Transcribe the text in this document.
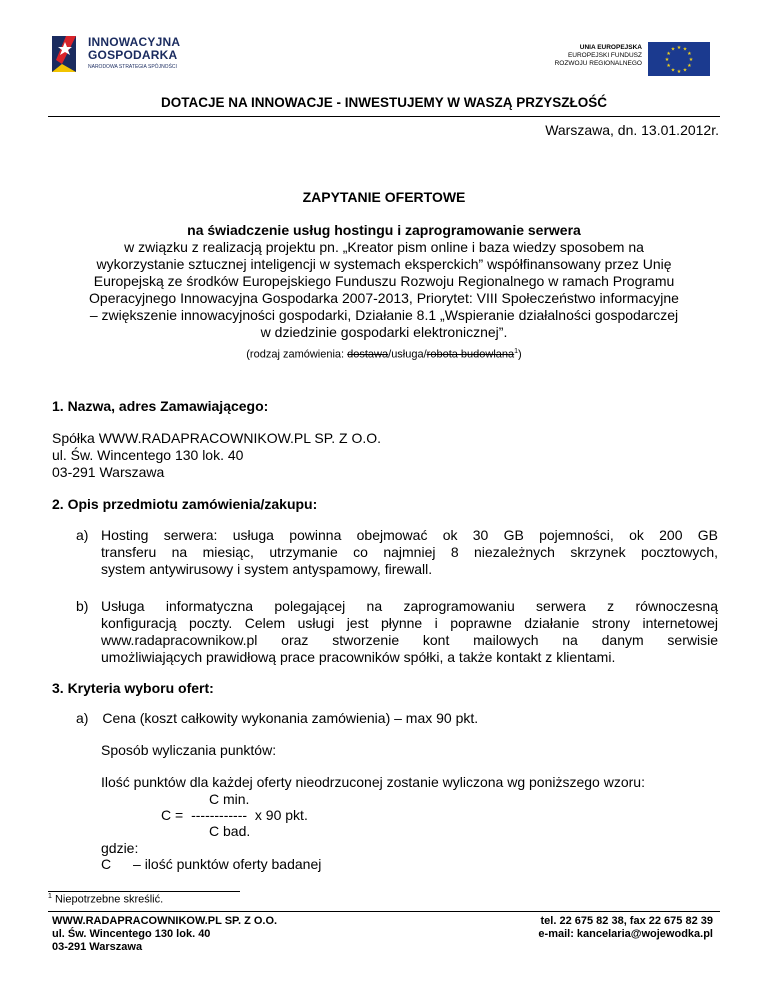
INNOWACYJNA
GOSPODARKA
NARODOWA STRATEGIA SPÓJNOŚCI
UNIA EUROPEJSKA
EUROPEJSKI FUNDUSZ
ROZWOJU REGIONALNEGO
★ ★
★
★
★
★
★
★
★
★
★
★
DOTACJE NA INNOWACJE - INWESTUJEMY W WASZĄ PRZYSZŁOŚĆ
Warszawa, dn. 13.01.2012r.
ZAPYTANIE OFERTOWE
na świadczenie usług hostingu i zaprogramowanie serwera
w związku z realizacją projektu pn. „Kreator pism online i baza wiedzy sposobem na
wykorzystanie sztucznej inteligencji w systemach eksperckich” współfinansowany przez Unię
Europejską ze środków Europejskiego Funduszu Rozwoju Regionalnego w ramach Programu
Operacyjnego Innowacyjna Gospodarka 2007-2013, Priorytet: VIII Społeczeństwo informacyjne
– zwiększenie innowacyjności gospodarki, Działanie 8.1 „Wspieranie działalności gospodarczej
w dziedzinie gospodarki elektronicznej”.
(rodzaj zamówienia: dostawa/usługa/robota budowlana$^1$)
1. Nazwa, adres Zamawiającego:
Spółka WWW.RADAPRACOWNIKOW.PL SP. Z O.O.
ul. Św. Wincentego 130 lok. 40
03-291 Warszawa
2. Opis przedmiotu zamówienia/zakupu:
a) Hosting serwera: usługa powinna obejmować ok 30 GB pojemności, ok 200 GB
transferu na miesiąc, utrzymanie co najmniej 8 niezależnych skrzynek pocztowych,
system antywirusowy i system antyspamowy, firewall.
b) Usługa informatyczna polegającej na zaprogramowaniu serwera z równoczesną
konfiguracją poczty. Celem usługi jest płynne i poprawne działanie strony internetowej
www.radapracownikow.pl oraz stworzenie kont mailowych na danym serwisie
umożliwiających prawidłową prace pracowników spółki, a także kontakt z klientami.
3. Kryteria wyboru ofert:
a) Cena (koszt całkowity wykonania zamówienia) – max 90 pkt.
Sposób wyliczania punktów:
Ilość punktów dla każdej oferty nieodrzuconej zostanie wyliczona wg poniższego wzoru:
C min.
C = ------------ x 90 pkt.
C bad.
gdzie:
C – ilość punktów oferty badanej
$^1$ Niepotrzebne skreślić.
WWW.RADAPRACOWNIKOW.PL SP. Z O.O.
ul. Św. Wincentego 130 lok. 40
03-291 Warszawa
tel. 22 675 82 38, fax 22 675 82 39
e-mail: kancelaria@wojewodka.pl
